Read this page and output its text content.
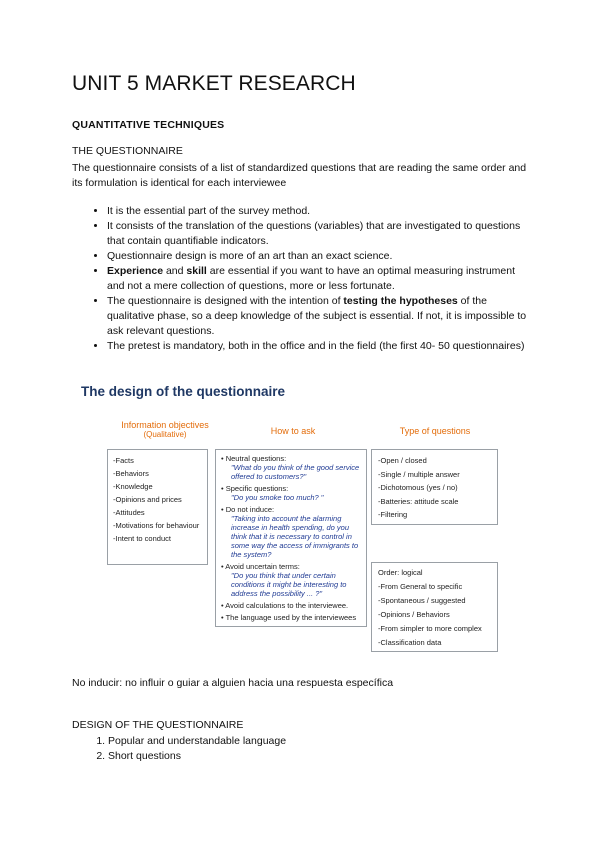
UNIT 5 MARKET RESEARCH
QUANTITATIVE TECHNIQUES
THE QUESTIONNAIRE
The questionnaire consists of a list of standardized questions that are reading the same order and its formulation is identical for each interviewee
• It is the essential part of the survey method.
• It consists of the translation of the questions (variables) that are investigated to questions that contain quantifiable indicators.
• Questionnaire design is more of an art than an exact science.
• Experience and skill are essential if you want to have an optimal measuring instrument and not a mere collection of questions, more or less fortunate.
• The questionnaire is designed with the intention of testing the hypotheses of the qualitative phase, so a deep knowledge of the subject is essential. If not, it is impossible to ask relevant questions.
• The pretest is mandatory, both in the office and in the field (the first 40- 50 questionnaires)
The design of the questionnaire
Information objectives
(Qualitative)	How to ask	Type of questions
-Facts
-Behaviors
-Knowledge
-Opinions and prices
-Attitudes
-Motivations for behaviour
-Intent to conduct
• Neutral questions:
"What do you think of the good service offered to customers?"
• Specific questions:
"Do you smoke too much? "
• Do not induce:
"Taking into account the alarming increase in health spending, do you think that it is necessary to control in some way the access of immigrants to the system?
• Avoid uncertain terms:
"Do you think that under certain conditions it might be interesting to address the possibility ... ?"
• Avoid calculations to the interviewee.
• The language used by the interviewees
-Open / closed
-Single / multiple answer
-Dichotomous (yes / no)
-Batteries: attitude scale
-Filtering
Order: logical
-From General to specific
-Spontaneous / suggested
-Opinions / Behaviors
-From simpler to more complex
-Classification data
No inducir: no influir o guiar a alguien hacia una respuesta específica
DESIGN OF THE QUESTIONNAIRE
1. Popular and understandable language
2. Short questions
